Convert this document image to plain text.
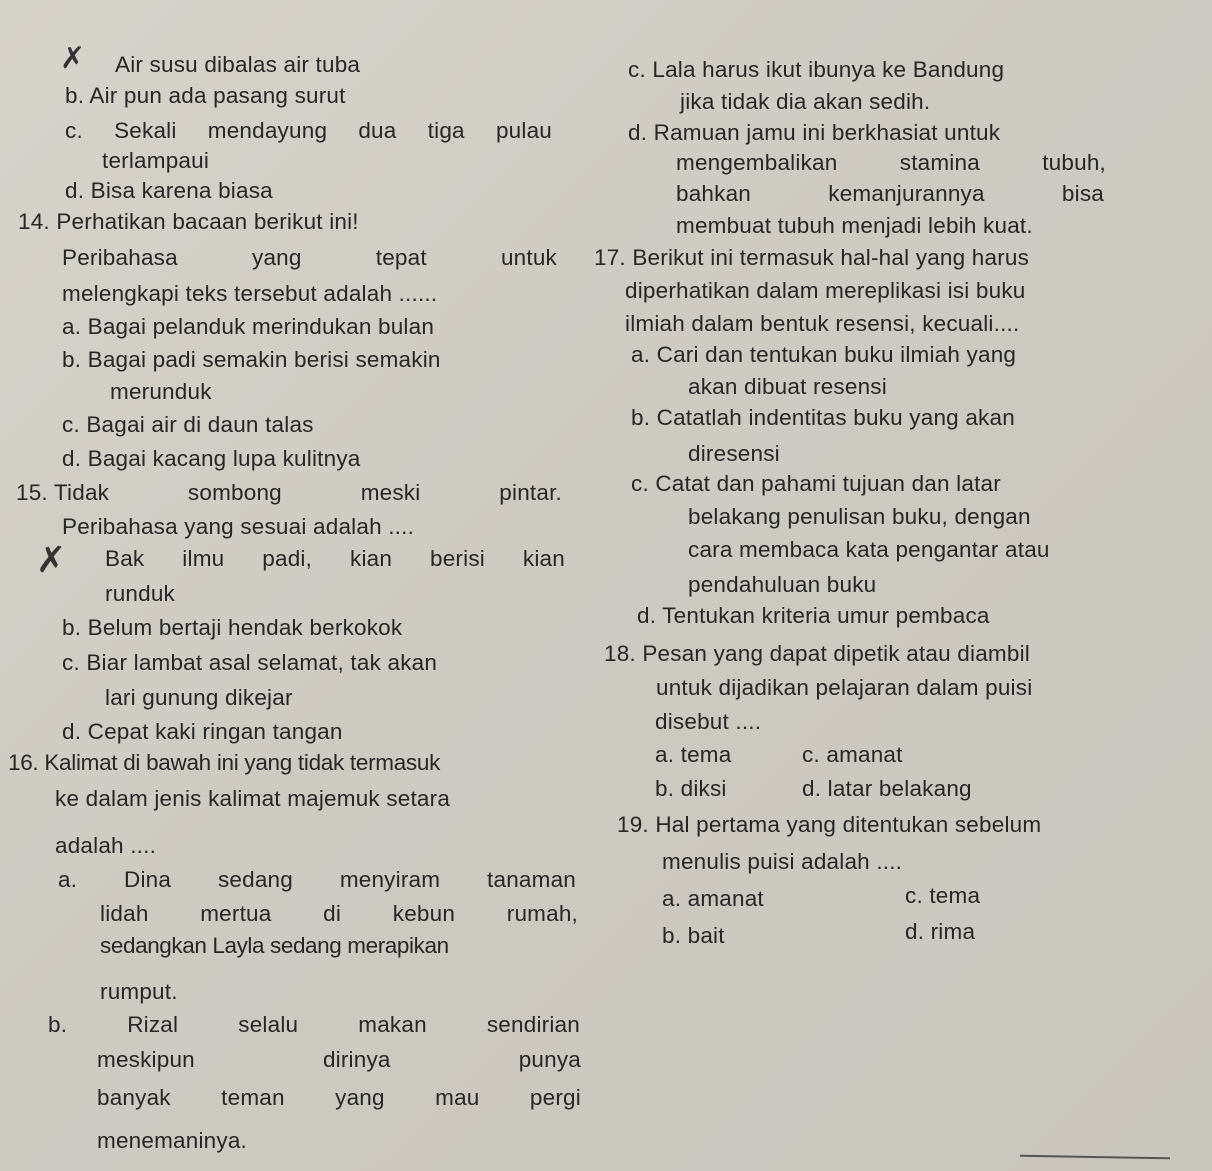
✗
✗
Air susu dibalas air tuba
b. Air pun ada pasang surut
c. Sekali mendayung dua tiga pulau
terlampaui
d. Bisa karena biasa
14. Perhatikan bacaan berikut ini!
Peribahasa	yang	tepat	untuk
melengkapi teks tersebut adalah ......
a. Bagai pelanduk merindukan bulan
b. Bagai padi semakin berisi semakin
merunduk
c. Bagai air di daun talas
d. Bagai kacang lupa kulitnya
15. Tidak	sombong	meski	pintar.
Peribahasa yang sesuai adalah ....
Bak ilmu padi, kian berisi kian
runduk
b. Belum bertaji hendak berkokok
c. Biar lambat asal selamat, tak akan
lari gunung dikejar
d. Cepat kaki ringan tangan
16. Kalimat di bawah ini yang tidak termasuk
ke dalam jenis kalimat majemuk setara
adalah ....
a. Dina sedang menyiram tanaman
lidah mertua di kebun rumah,
sedangkan Layla sedang merapikan
rumput.
b.	Rizal	selalu	makan	sendirian
meskipun	dirinya	punya
banyak teman yang mau pergi
menemaninya.
c. Lala harus ikut ibunya ke Bandung
jika tidak dia akan sedih.
d. Ramuan jamu ini berkhasiat untuk
mengembalikan	stamina	tubuh,
bahkan	kemanjurannya	bisa
membuat tubuh menjadi lebih kuat.
17. Berikut ini termasuk hal-hal yang harus
diperhatikan dalam mereplikasi isi buku
ilmiah dalam bentuk resensi, kecuali....
a. Cari dan tentukan buku ilmiah yang
akan dibuat resensi
b. Catatlah indentitas buku yang akan
diresensi
c. Catat dan pahami tujuan dan latar
belakang penulisan buku, dengan
cara membaca kata pengantar atau
pendahuluan buku
d. Tentukan kriteria umur pembaca
18. Pesan yang dapat dipetik atau diambil
untuk dijadikan pelajaran dalam puisi
disebut ....
a. tema	c. amanat
b. diksi	d. latar belakang
19. Hal pertama yang ditentukan sebelum
menulis puisi adalah ....
a. amanat	c. tema
b. bait	d. rima
